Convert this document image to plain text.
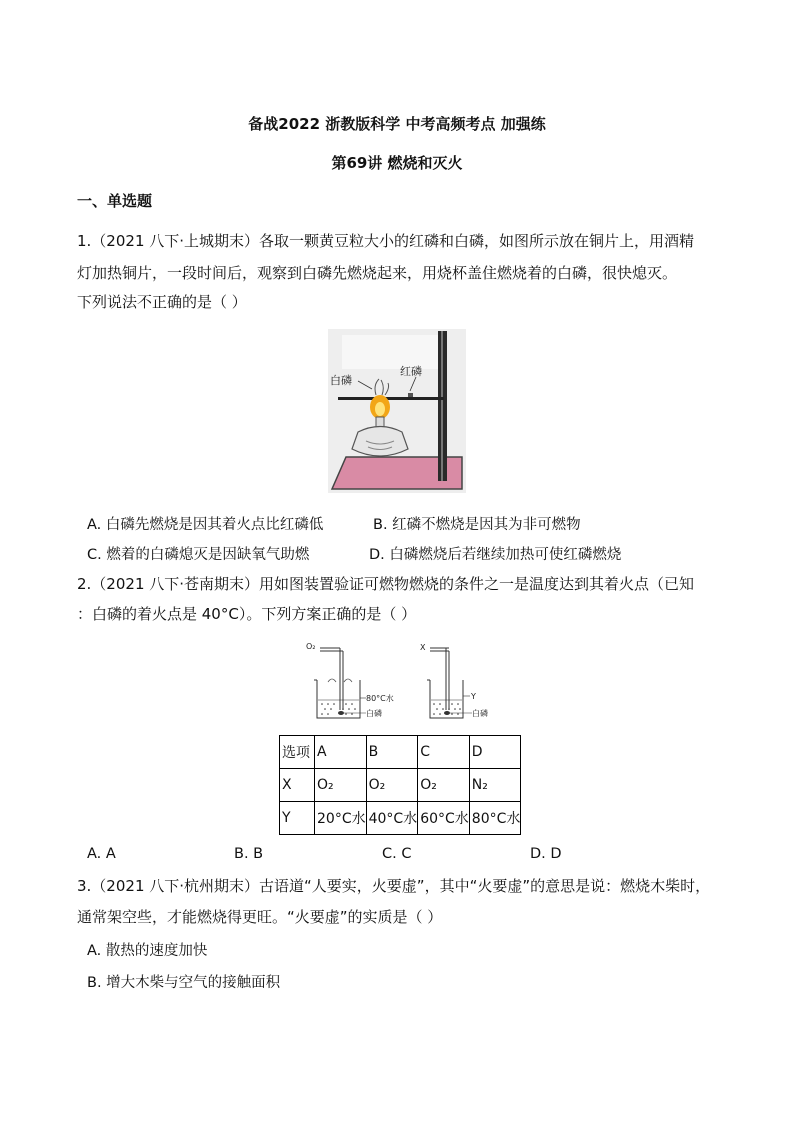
备战2022 浙教版科学 中考高频考点 加强练
第69讲 燃烧和灭火
一、单选题
1.（2021 八下·上城期末）各取一颗黄豆粒大小的红磷和白磷，如图所示放在铜片上，用酒精
灯加热铜片，一段时间后，观察到白磷先燃烧起来，用烧杯盖住燃烧着的白磷，很快熄灭。
下列说法不正确的是（ ）
白磷
红磷
A. 白磷先燃烧是因其着火点比红磷低	B. 红磷不燃烧是因其为非可燃物
C. 燃着的白磷熄灭是因缺氧气助燃	D. 白磷燃烧后若继续加热可使红磷燃烧
2.（2021 八下·苍南期末）用如图装置验证可燃物燃烧的条件之一是温度达到其着火点（已知
：白磷的着火点是 40°C）。下列方案正确的是（ ）
O₂
80°C水
白磷
X
Y
白磷
选项	A	B	C	D
X	O₂	O₂	O₂	N₂
Y	20°C水	40°C水	60°C水	80°C水
A. A	B. B	C. C	D. D
3.（2021 八下·杭州期末）古语道“人要实，火要虚”，其中“火要虚”的意思是说：燃烧木柴时，
通常架空些，才能燃烧得更旺。“火要虚”的实质是（ ）
A. 散热的速度加快
B. 增大木柴与空气的接触面积
